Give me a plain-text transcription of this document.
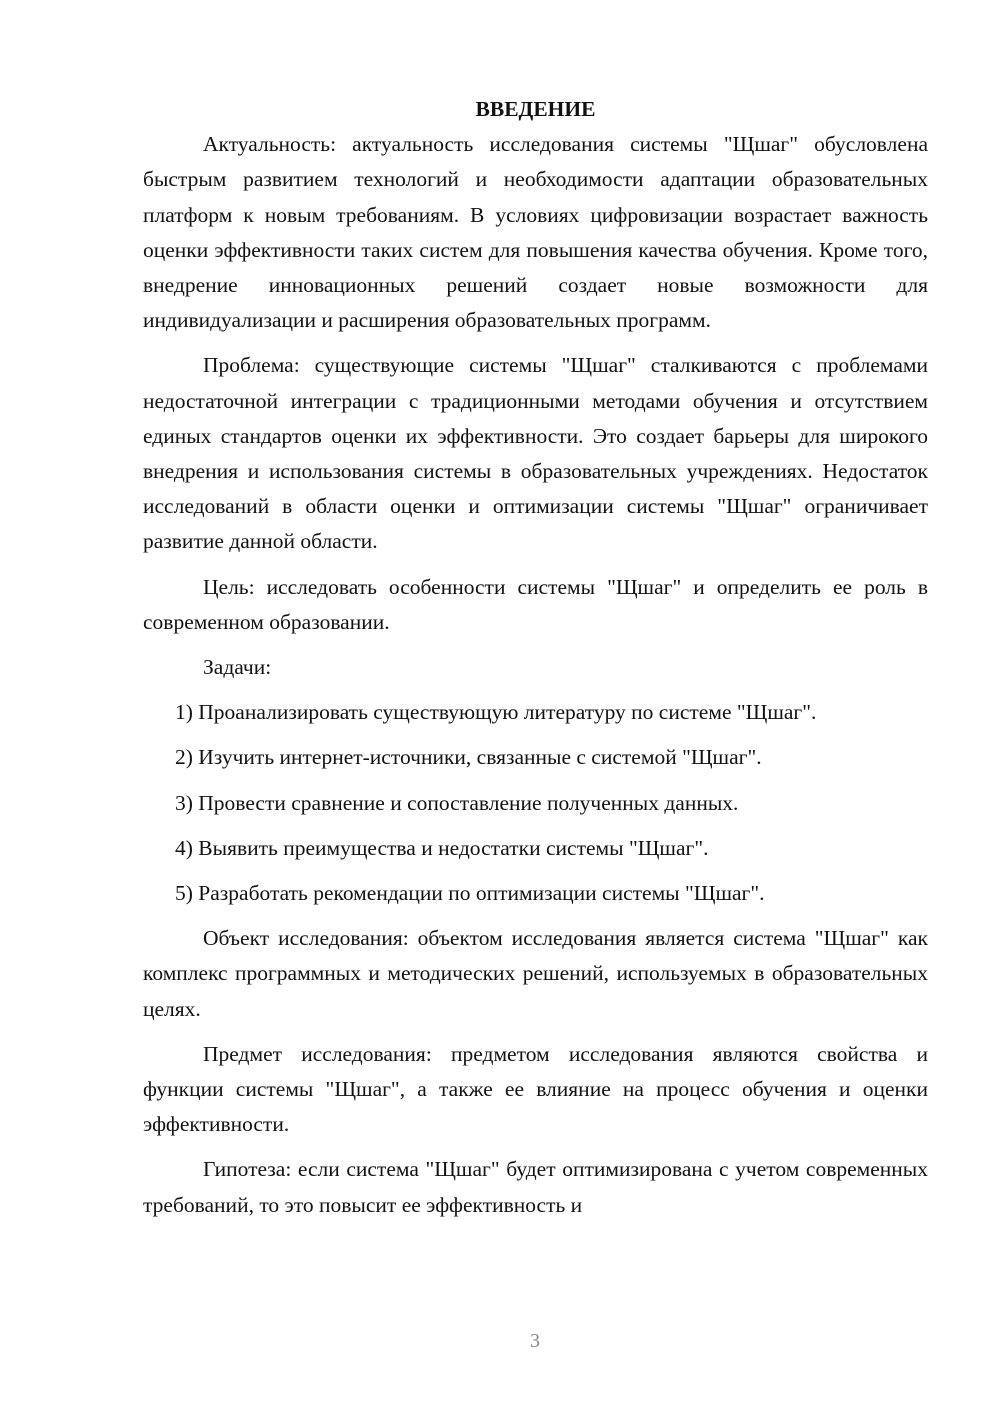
ВВЕДЕНИЕ

Актуальность: актуальность исследования системы "Щшаг" обусловлена быстрым развитием технологий и необходимости адаптации образовательных платформ к новым требованиям. В условиях цифровизации возрастает важность оценки эффективности таких систем для повышения качества обучения. Кроме того, внедрение инновационных решений создает новые возможности для индивидуализации и расширения образовательных программ.

Проблема: существующие системы "Щшаг" сталкиваются с проблемами недостаточной интеграции с традиционными методами обучения и отсутствием единых стандартов оценки их эффективности. Это создает барьеры для широкого внедрения и использования системы в образовательных учреждениях. Недостаток исследований в области оценки и оптимизации системы "Щшаг" ограничивает развитие данной области.

Цель: исследовать особенности системы "Щшаг" и определить ее роль в современном образовании.

Задачи:

1) Проанализировать существующую литературу по системе "Щшаг".
2) Изучить интернет-источники, связанные с системой "Щшаг".
3) Провести сравнение и сопоставление полученных данных.
4) Выявить преимущества и недостатки системы "Щшаг".
5) Разработать рекомендации по оптимизации системы "Щшаг".

Объект исследования: объектом исследования является система "Щшаг" как комплекс программных и методических решений, используемых в образовательных целях.

Предмет исследования: предметом исследования являются свойства и функции системы "Щшаг", а также ее влияние на процесс обучения и оценки эффективности.

Гипотеза: если система "Щшаг" будет оптимизирована с учетом современных требований, то это повысит ее эффективность и

3
